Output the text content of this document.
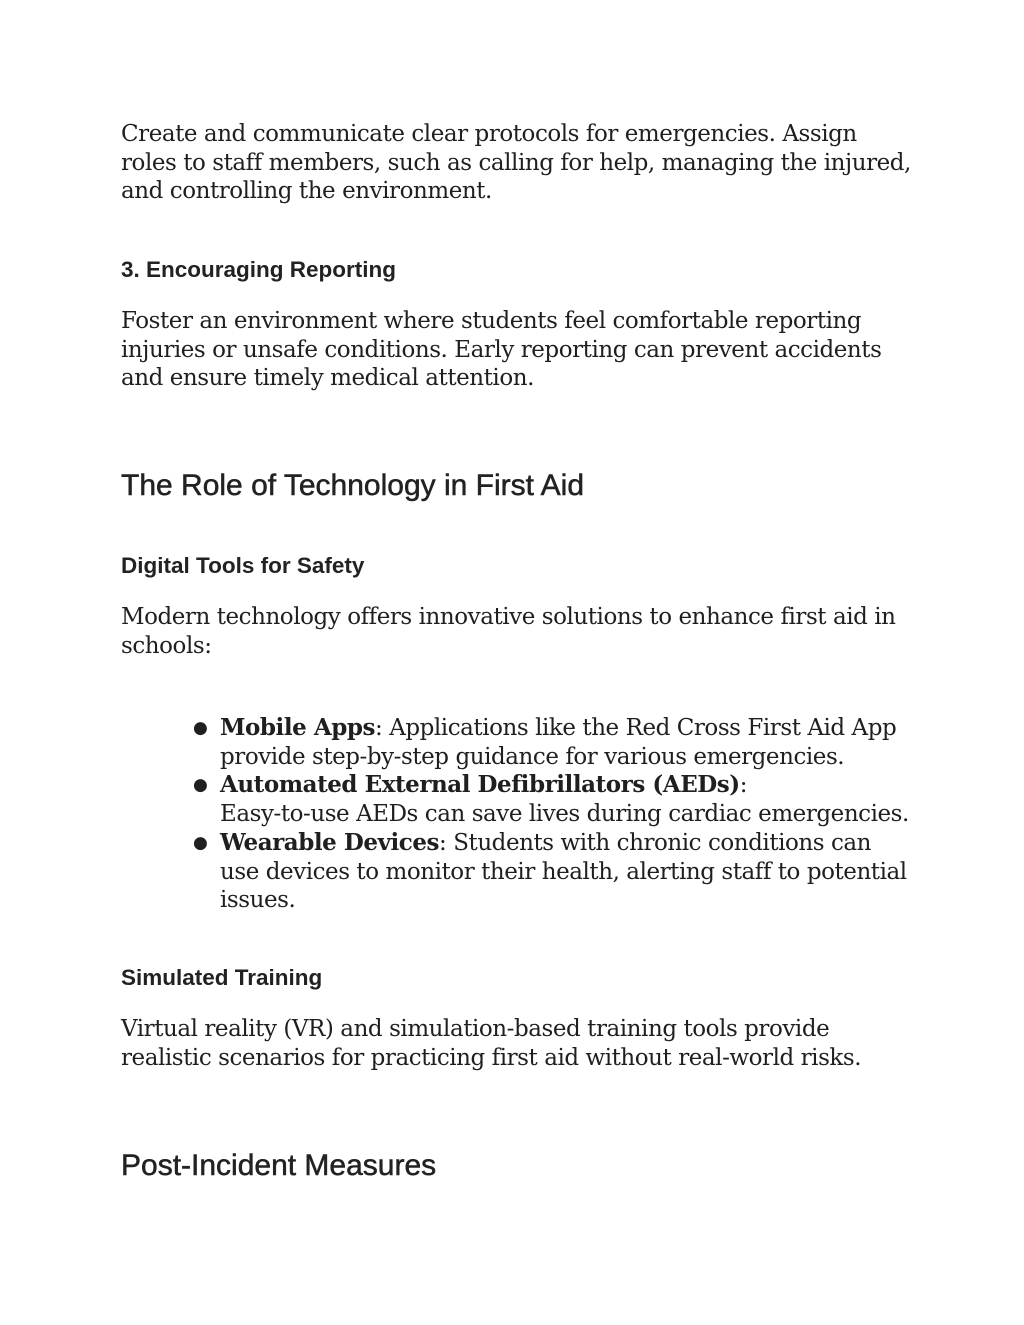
Create and communicate clear protocols for emergencies. Assign roles to staff members, such as calling for help, managing the injured, and controlling the environment.

3. Encouraging Reporting

Foster an environment where students feel comfortable reporting injuries or unsafe conditions. Early reporting can prevent accidents and ensure timely medical attention.

The Role of Technology in First Aid
Digital Tools for Safety

Modern technology offers innovative solutions to enhance first aid in schools:

● Mobile Apps: Applications like the Red Cross First Aid App provide step-by-step guidance for various emergencies.
● Automated External Defibrillators (AEDs):
Easy-to-use AEDs can save lives during cardiac emergencies.
● Wearable Devices: Students with chronic conditions can use devices to monitor their health, alerting staff to potential issues.
Simulated Training

Virtual reality (VR) and simulation-based training tools provide realistic scenarios for practicing first aid without real-world risks.

Post-Incident Measures
